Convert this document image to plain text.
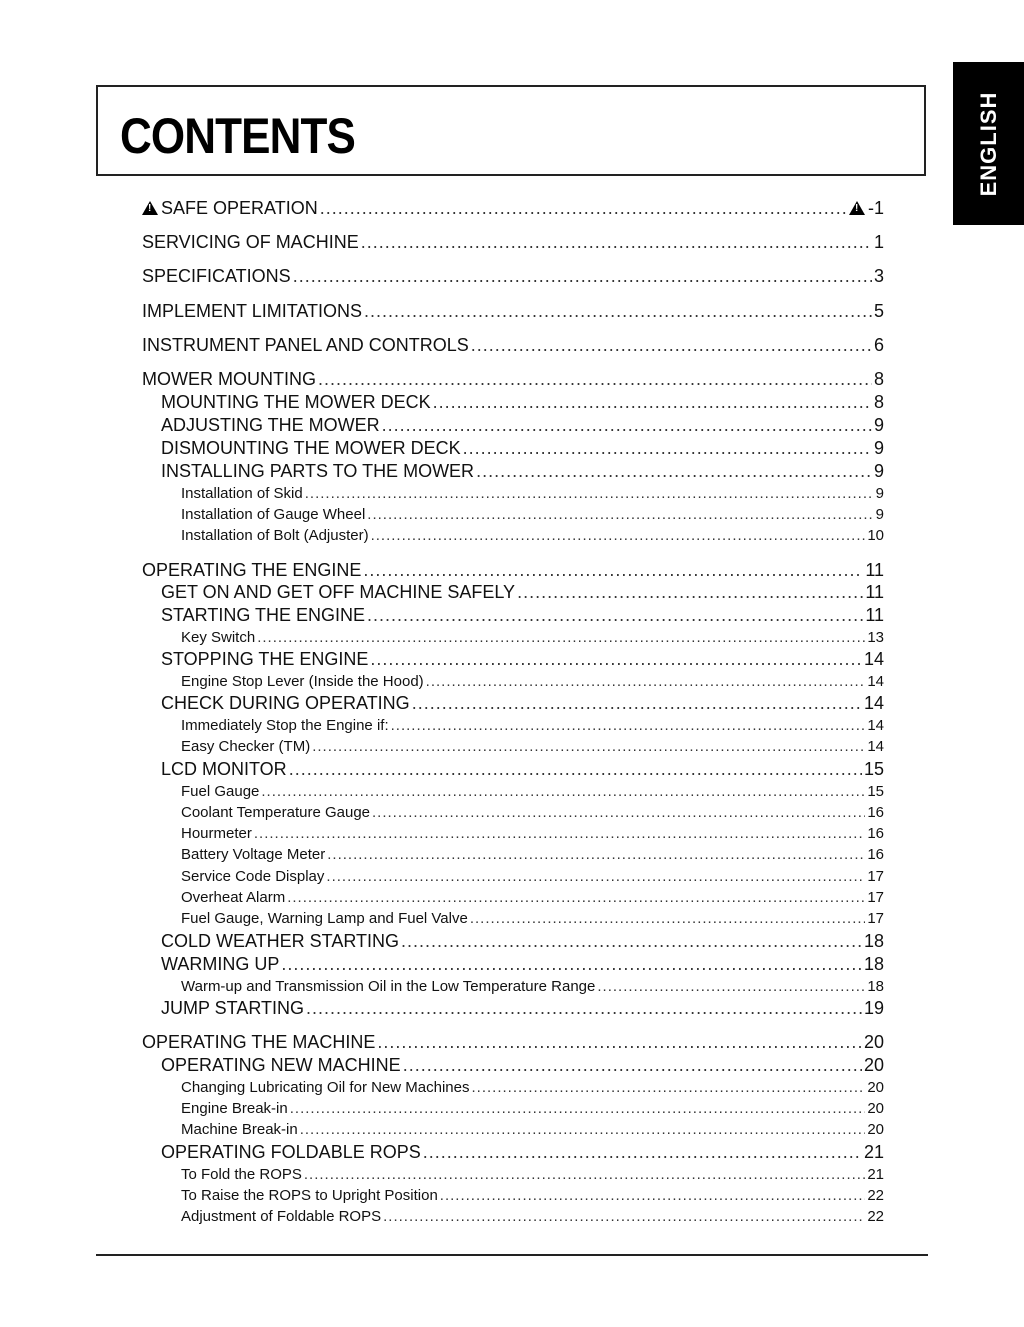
CONTENTS	ENGLISH
!SAFE OPERATION ..... !	-1
SERVICING OF MACHINE .....	1
SPECIFICATIONS .....	3
IMPLEMENT LIMITATIONS .....	5
INSTRUMENT PANEL AND CONTROLS .....	6
MOWER MOUNTING .....	8
MOUNTING THE MOWER DECK .....	8
ADJUSTING THE MOWER .....	9
DISMOUNTING THE MOWER DECK .....	9
INSTALLING PARTS TO THE MOWER .....	9
Installation of Skid .....	9
Installation of Gauge Wheel .....	9
Installation of Bolt (Adjuster) .....	10
OPERATING THE ENGINE .....	11
GET ON AND GET OFF MACHINE SAFELY .....	11
STARTING THE ENGINE .....	11
Key Switch .....	13
STOPPING THE ENGINE .....	14
Engine Stop Lever (Inside the Hood) .....	14
CHECK DURING OPERATING .....	14
Immediately Stop the Engine if: .....	14
Easy Checker (TM) .....	14
LCD MONITOR .....	15
Fuel Gauge .....	15
Coolant Temperature Gauge .....	16
Hourmeter .....	16
Battery Voltage Meter .....	16
Service Code Display .....	17
Overheat Alarm .....	17
Fuel Gauge, Warning Lamp and Fuel Valve .....	17
COLD WEATHER STARTING .....	18
WARMING UP .....	18
Warm-up and Transmission Oil in the Low Temperature Range .....	18
JUMP STARTING .....	19
OPERATING THE MACHINE .....	20
OPERATING NEW MACHINE .....	20
Changing Lubricating Oil for New Machines .....	20
Engine Break-in .....	20
Machine Break-in .....	20
OPERATING FOLDABLE ROPS .....	21
To Fold the ROPS .....	21
To Raise the ROPS to Upright Position .....	22
Adjustment of Foldable ROPS .....	22
